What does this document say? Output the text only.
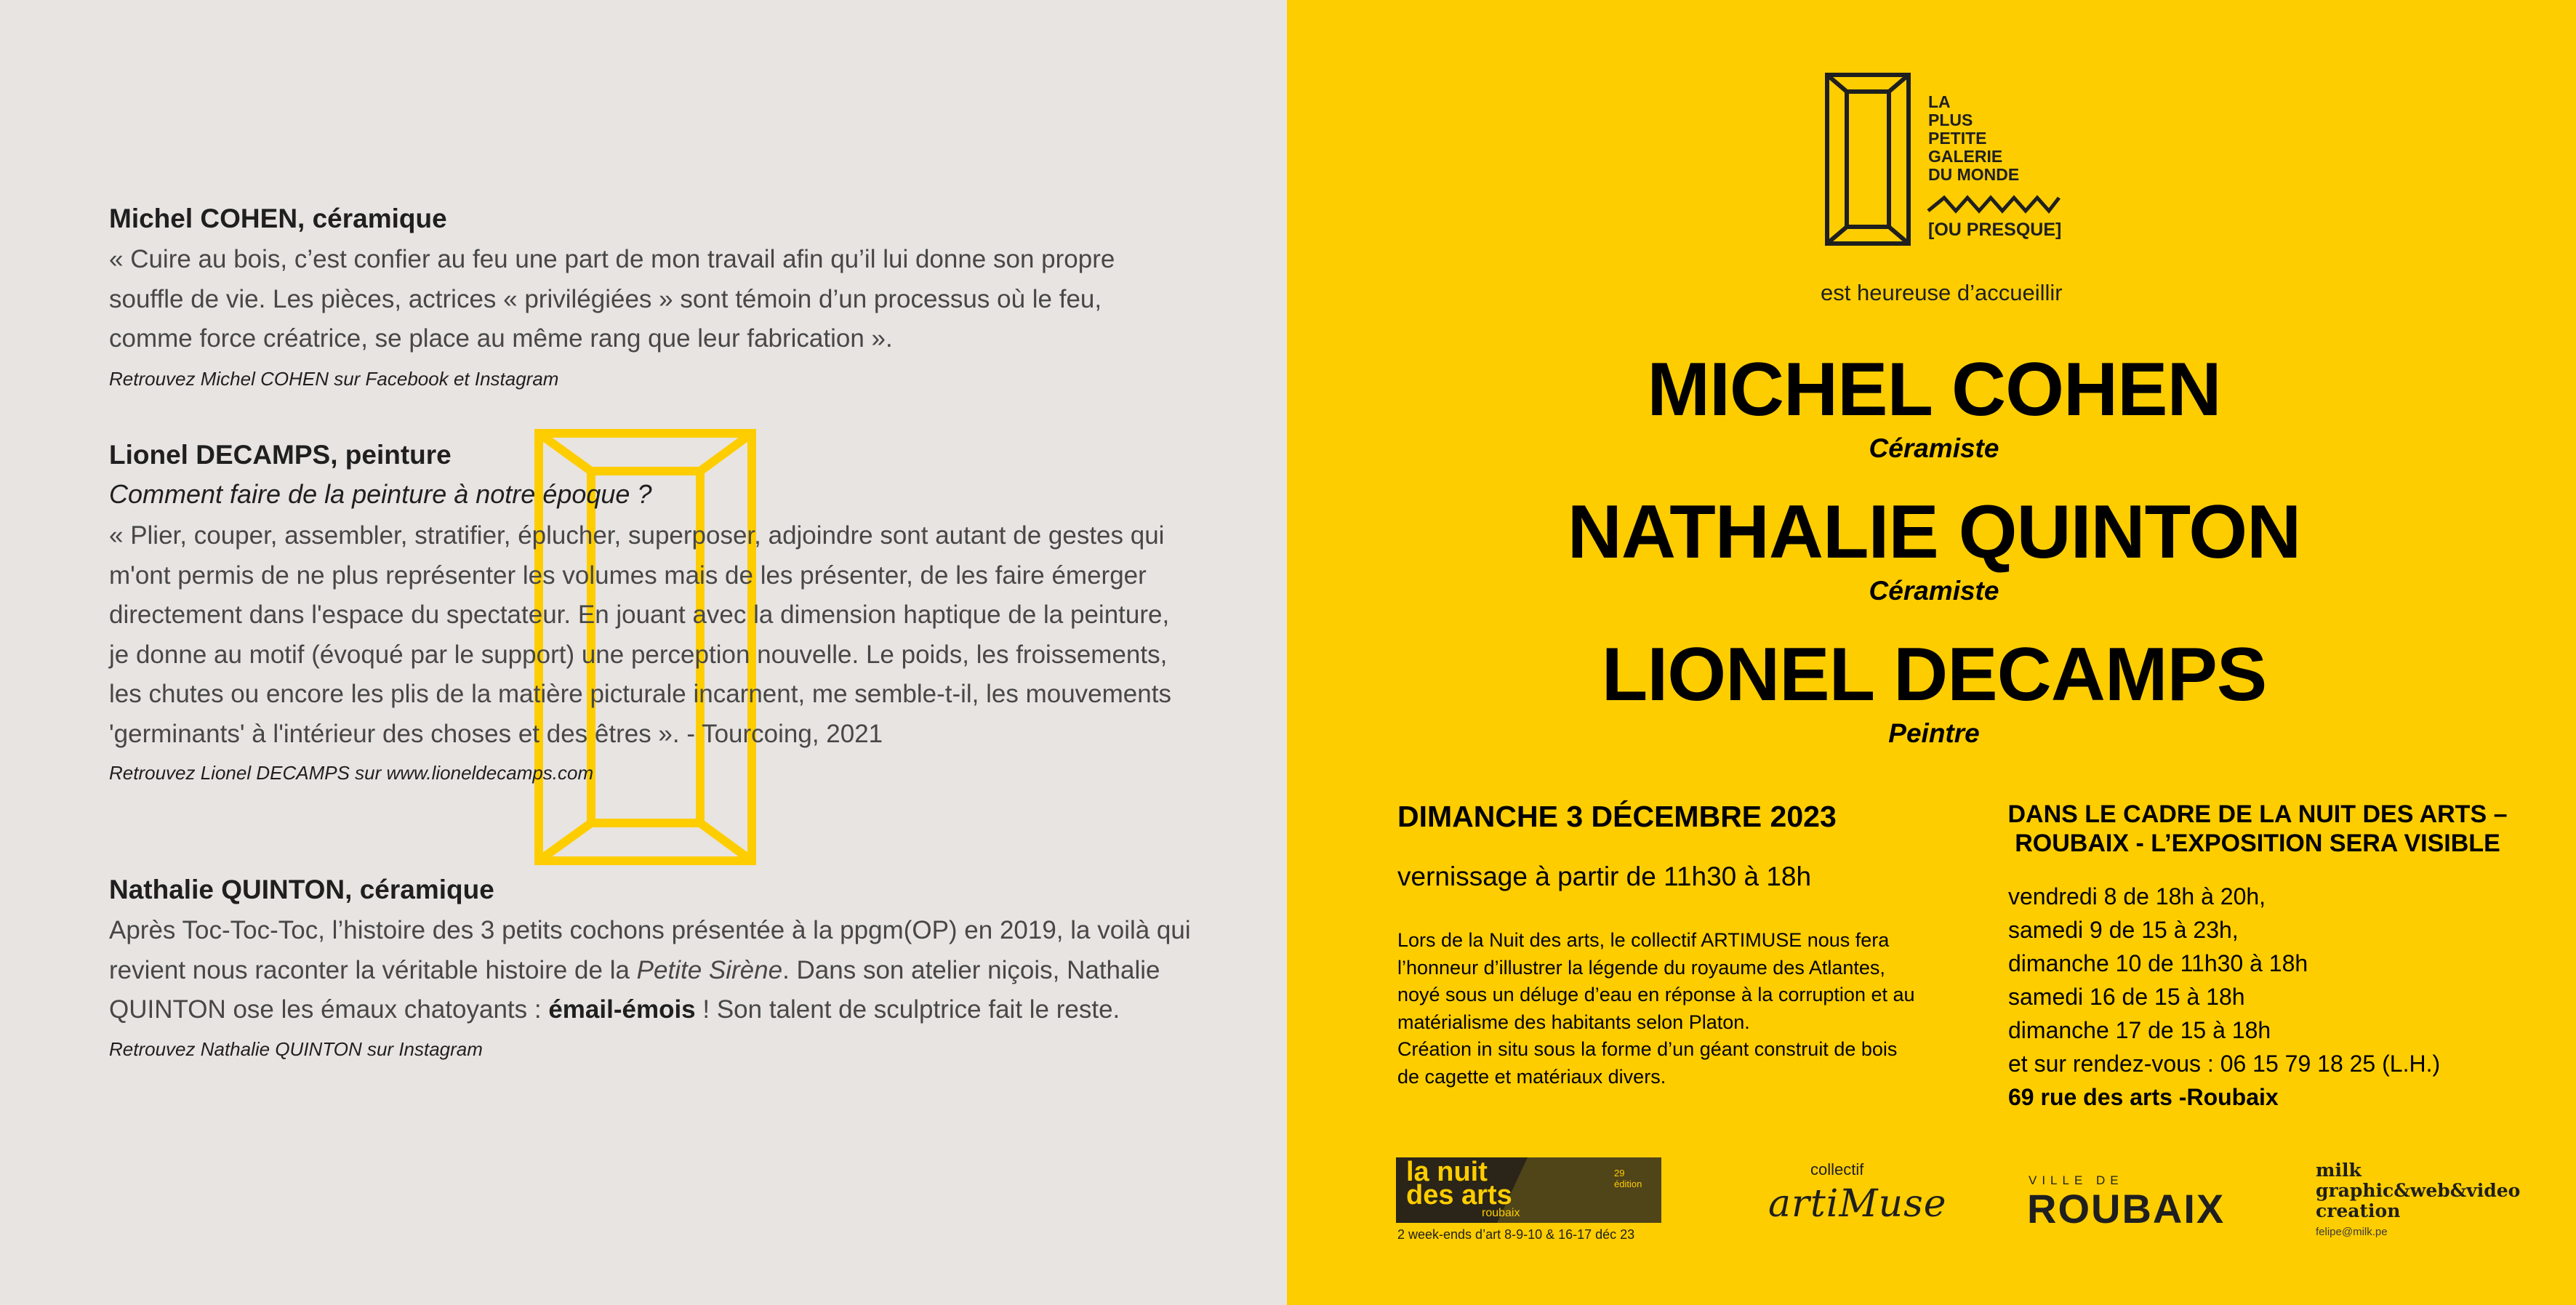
Michel COHEN, céramique

« Cuire au bois, c’est confier au feu une part de mon travail afin qu’il lui donne son propre

souffle de vie. Les pièces, actrices « privilégiées » sont témoin d’un processus où le feu,

comme force créatrice, se place au même rang que leur fabrication ».

Retrouvez Michel COHEN sur Facebook et Instagram
Lionel DECAMPS, peinture
Comment faire de la peinture à notre époque ?

« Plier, couper, assembler, stratifier, éplucher, superposer, adjoindre sont autant de gestes qui

m'ont permis de ne plus représenter les volumes mais de les présenter, de les faire émerger

directement dans l'espace du spectateur. En jouant avec la dimension haptique de la peinture,

je donne au motif (évoqué par le support) une perception nouvelle. Le poids, les froissements,

les chutes ou encore les plis de la matière picturale incarnent, me semble-t-il, les mouvements

'germinants' à l'intérieur des choses et des êtres ». - Tourcoing, 2021

Retrouvez Lionel DECAMPS sur www.lioneldecamps.com
Nathalie QUINTON, céramique

Après Toc-Toc-Toc, l’histoire des 3 petits cochons présentée à la ppgm(OP) en 2019, la voilà qui

revient nous raconter la véritable histoire de la Petite Sirène. Dans son atelier niçois, Nathalie

QUINTON ose les émaux chatoyants : émail-émois ! Son talent de sculptrice fait le reste.

Retrouvez Nathalie QUINTON sur Instagram
LA
PLUS
PETITE
GALERIE
DU MONDE
[OU PRESQUE]
est heureuse d’accueillir
MICHEL COHEN
Céramiste
NATHALIE QUINTON
Céramiste
LIONEL DECAMPS
Peintre
DIMANCHE 3 DÉCEMBRE 2023
vernissage à partir de 11h30 à 18h

Lors de la Nuit des arts, le collectif ARTIMUSE nous fera

l’honneur d’illustrer la légende du royaume des Atlantes,

noyé sous un déluge d’eau en réponse à la corruption et au

matérialisme des habitants selon Platon.

Création in situ sous la forme d’un géant construit de bois

de cagette et matériaux divers.

DANS LE CADRE DE LA NUIT DES ARTS –
ROUBAIX - L’EXPOSITION SERA VISIBLE
vendredi 8 de 18h à 20h,
samedi 9 de 15 à 23h,
dimanche 10 de 11h30 à 18h
samedi 16 de 15 à 18h
dimanche 17 de 15 à 18h
et sur rendez-vous : 06 15 79 18 25 (L.H.)
69 rue des arts -Roubaix
la nuit
des arts
roubaix
29
édition
2 week-ends d’art 8-9-10 & 16-17 déc 23
collectif
artiMuse
VILLE DE
ROUBAIX
milk
graphic&web&video
creation
felipe@milk.pe
